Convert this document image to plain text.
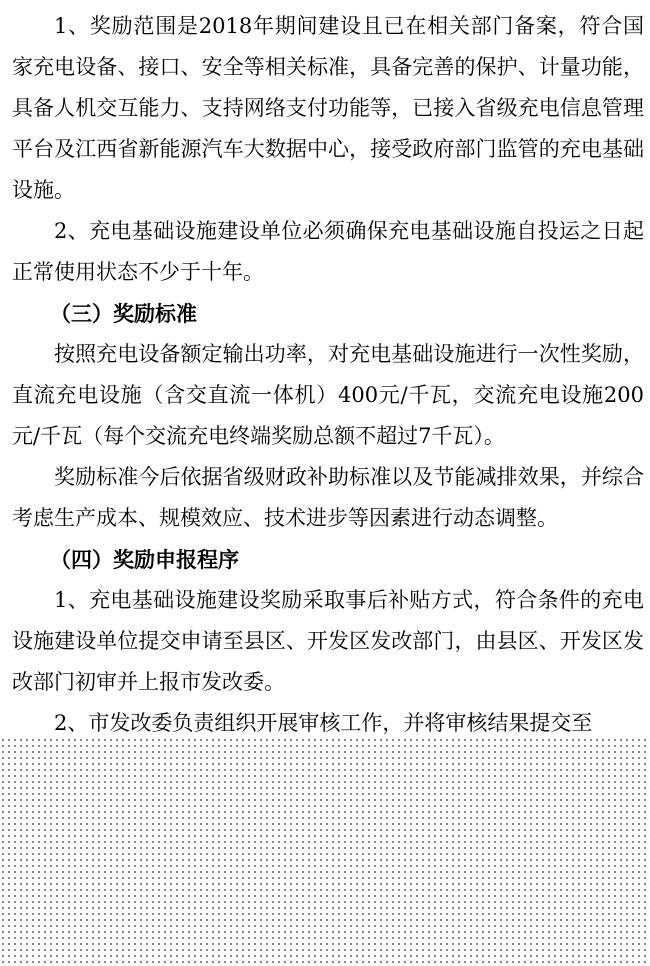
1、奖励范围是2018年期间建设且已在相关部门备案，符合国家充电设备、接口、安全等相关标准，具备完善的保护、计量功能，具备人机交互能力、支持网络支付功能等，已接入省级充电信息管理平台及江西省新能源汽车大数据中心，接受政府部门监管的充电基础设施。

2、充电基础设施建设单位必须确保充电基础设施自投运之日起正常使用状态不少于十年。

（三）奖励标准

按照充电设备额定输出功率，对充电基础设施进行一次性奖励，直流充电设施（含交直流一体机）400元/千瓦，交流充电设施200元/千瓦（每个交流充电终端奖励总额不超过7千瓦）。

奖励标准今后依据省级财政补助标准以及节能减排效果，并综合考虑生产成本、规模效应、技术进步等因素进行动态调整。

（四）奖励申报程序

1、充电基础设施建设奖励采取事后补贴方式，符合条件的充电设施建设单位提交申请至县区、开发区发改部门，由县区、开发区发改部门初审并上报市发改委。

2、市发改委负责组织开展审核工作，并将审核结果提交至
